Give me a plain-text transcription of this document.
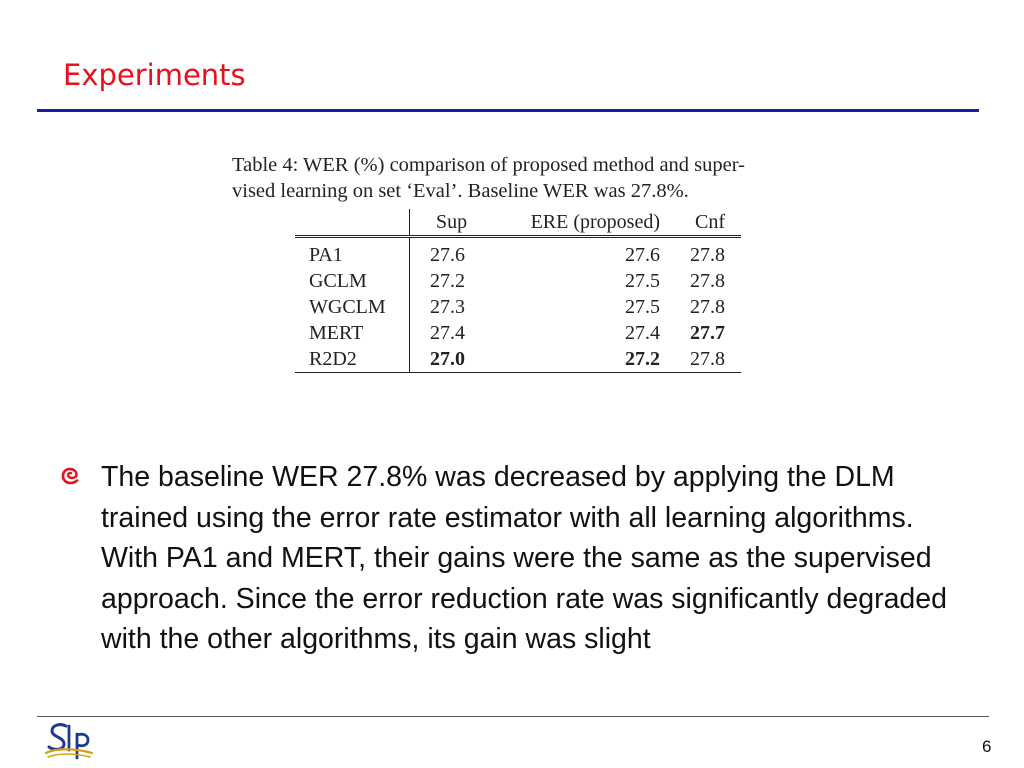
Experiments

Table 4: WER (%) comparison of proposed method and super-
vised learning on set ‘Eval’. Baseline WER was 27.8%.

	Sup	ERE (proposed)	Cnf
PA1	27.6	27.6	27.8
GCLM	27.2	27.5	27.8
WGCLM	27.3	27.5	27.8
MERT	27.4	27.4	27.7
R2D2	27.0	27.2	27.8

The baseline WER 27.8% was decreased by applying the DLM trained using the error rate estimator with all learning algorithms. With PA1 and MERT, their gains were the same as the supervised approach. Since the error reduction rate was significantly degraded with the other algorithms, its gain was slight

6
